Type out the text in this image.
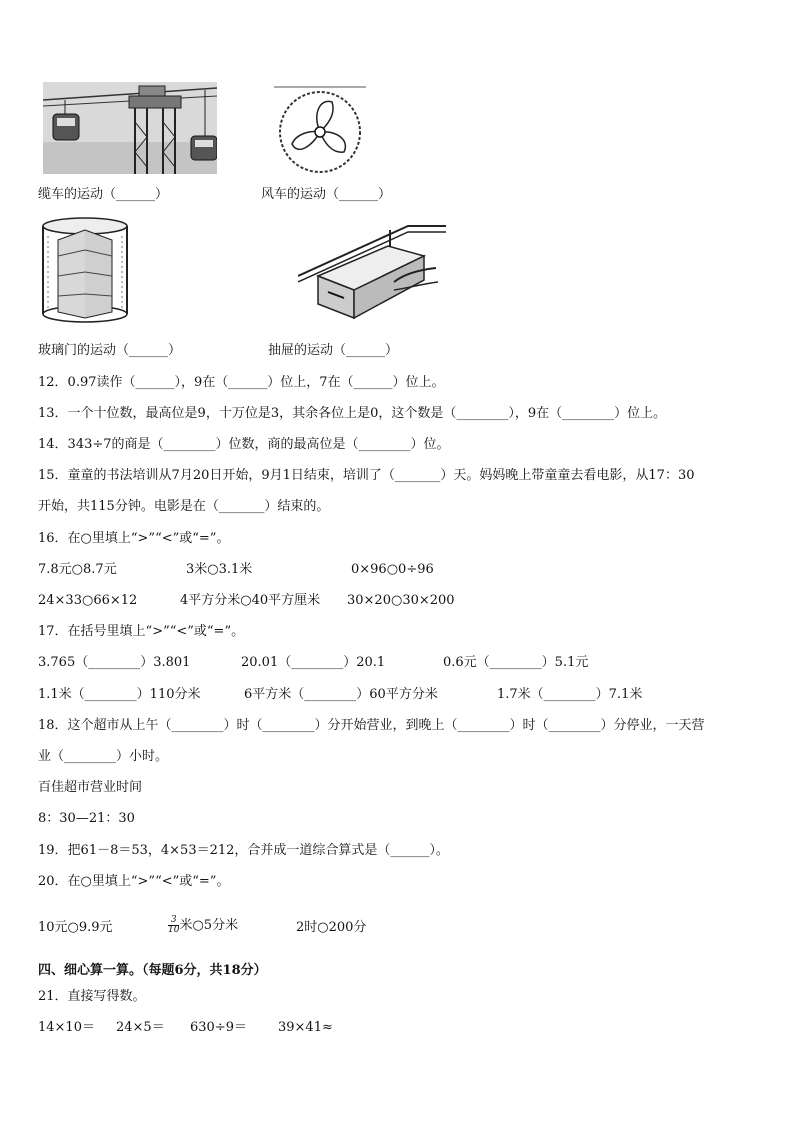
缆车的运动（______）	风车的运动（______）
玻璃门的运动（______）	抽屉的运动（______）
12．0.97读作（______），9在（______）位上，7在（______）位上。
13．一个十位数，最高位是9，十万位是3，其余各位上是0，这个数是（________），9在（________）位上。
14．343÷7的商是（________）位数，商的最高位是（________）位。
15．童童的书法培训从7月20日开始，9月1日结束，培训了（_______）天。妈妈晚上带童童去看电影，从17：30
开始，共115分钟。电影是在（_______）结束的。
16．在○里填上“>”“<”或“=”。
7.8元○8.7元	3米○3.1米	0×96○0÷96
24×33○66×12	4平方分米○40平方厘米 30×20○30×200
17．在括号里填上“>”“<”或“=”。
3.765（________）3.801	20.01（________）20.1	0.6元（________）5.1元
1.1米（________）110分米	6平方米（________）60平方分米	1.7米（________）7.1米
18．这个超市从上午（________）时（________）分开始营业，到晚上（________）时（________）分停业，一天营
业（________）小时。
百佳超市营业时间
8：30—21：30
19．把61－8＝53，4×53＝212，合并成一道综合算式是（______）。
20．在○里填上“>”“<”或“=”。
10元○9.9元	$\frac{3}{10}$ 米○5分米	2时○200分
四、细心算一算。（每题6分，共18分）
21．直接写得数。
14×10＝ 24×5＝ 630÷9＝ 39×41≈
